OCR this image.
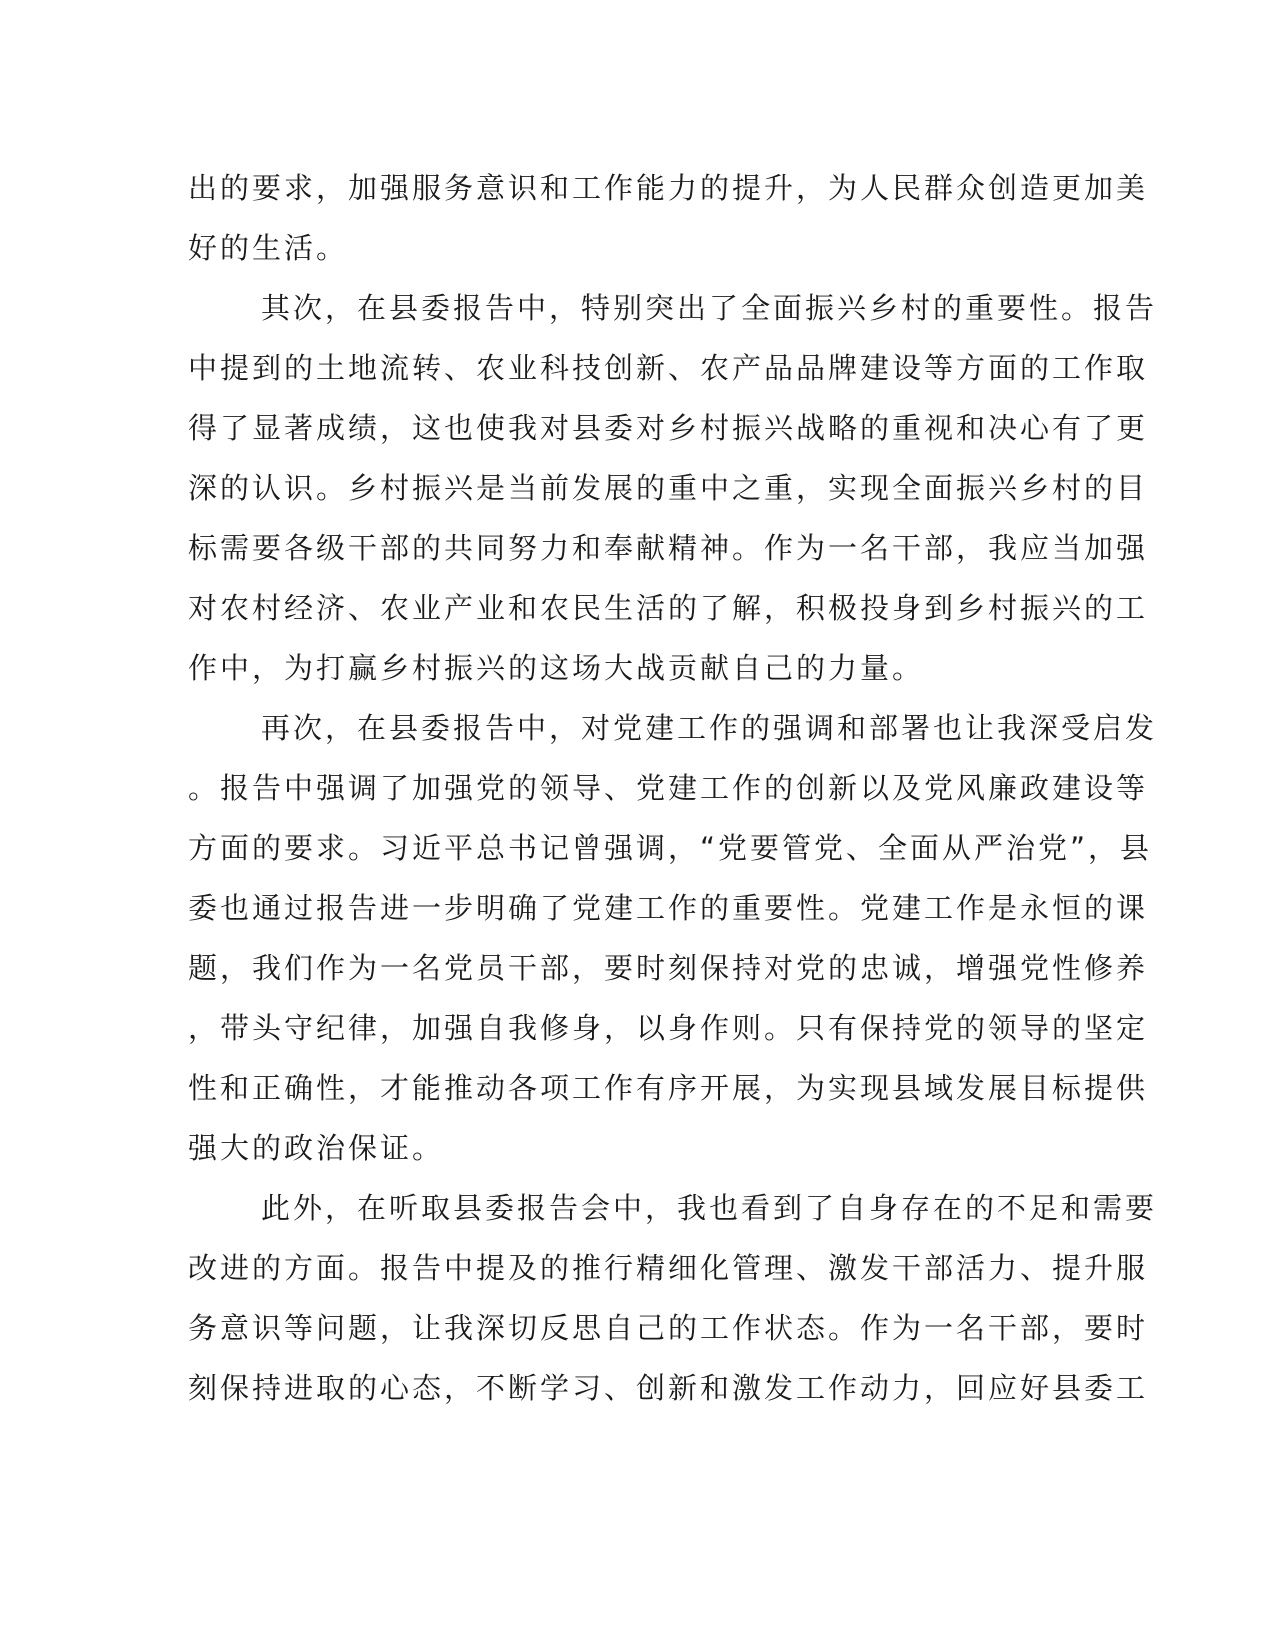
出的要求，加强服务意识和工作能力的提升，为人民群众创造更加美
好的生活。
其次，在县委报告中，特别突出了全面振兴乡村的重要性。报告
中提到的土地流转、农业科技创新、农产品品牌建设等方面的工作取
得了显著成绩，这也使我对县委对乡村振兴战略的重视和决心有了更
深的认识。乡村振兴是当前发展的重中之重，实现全面振兴乡村的目
标需要各级干部的共同努力和奉献精神。作为一名干部，我应当加强
对农村经济、农业产业和农民生活的了解，积极投身到乡村振兴的工
作中，为打赢乡村振兴的这场大战贡献自己的力量。
再次，在县委报告中，对党建工作的强调和部署也让我深受启发
。报告中强调了加强党的领导、党建工作的创新以及党风廉政建设等
方面的要求。习近平总书记曾强调，“党要管党、全面从严治党”，县
委也通过报告进一步明确了党建工作的重要性。党建工作是永恒的课
题，我们作为一名党员干部，要时刻保持对党的忠诚，增强党性修养
，带头守纪律，加强自我修身，以身作则。只有保持党的领导的坚定
性和正确性，才能推动各项工作有序开展，为实现县域发展目标提供
强大的政治保证。
此外，在听取县委报告会中，我也看到了自身存在的不足和需要
改进的方面。报告中提及的推行精细化管理、激发干部活力、提升服
务意识等问题，让我深切反思自己的工作状态。作为一名干部，要时
刻保持进取的心态，不断学习、创新和激发工作动力，回应好县委工
